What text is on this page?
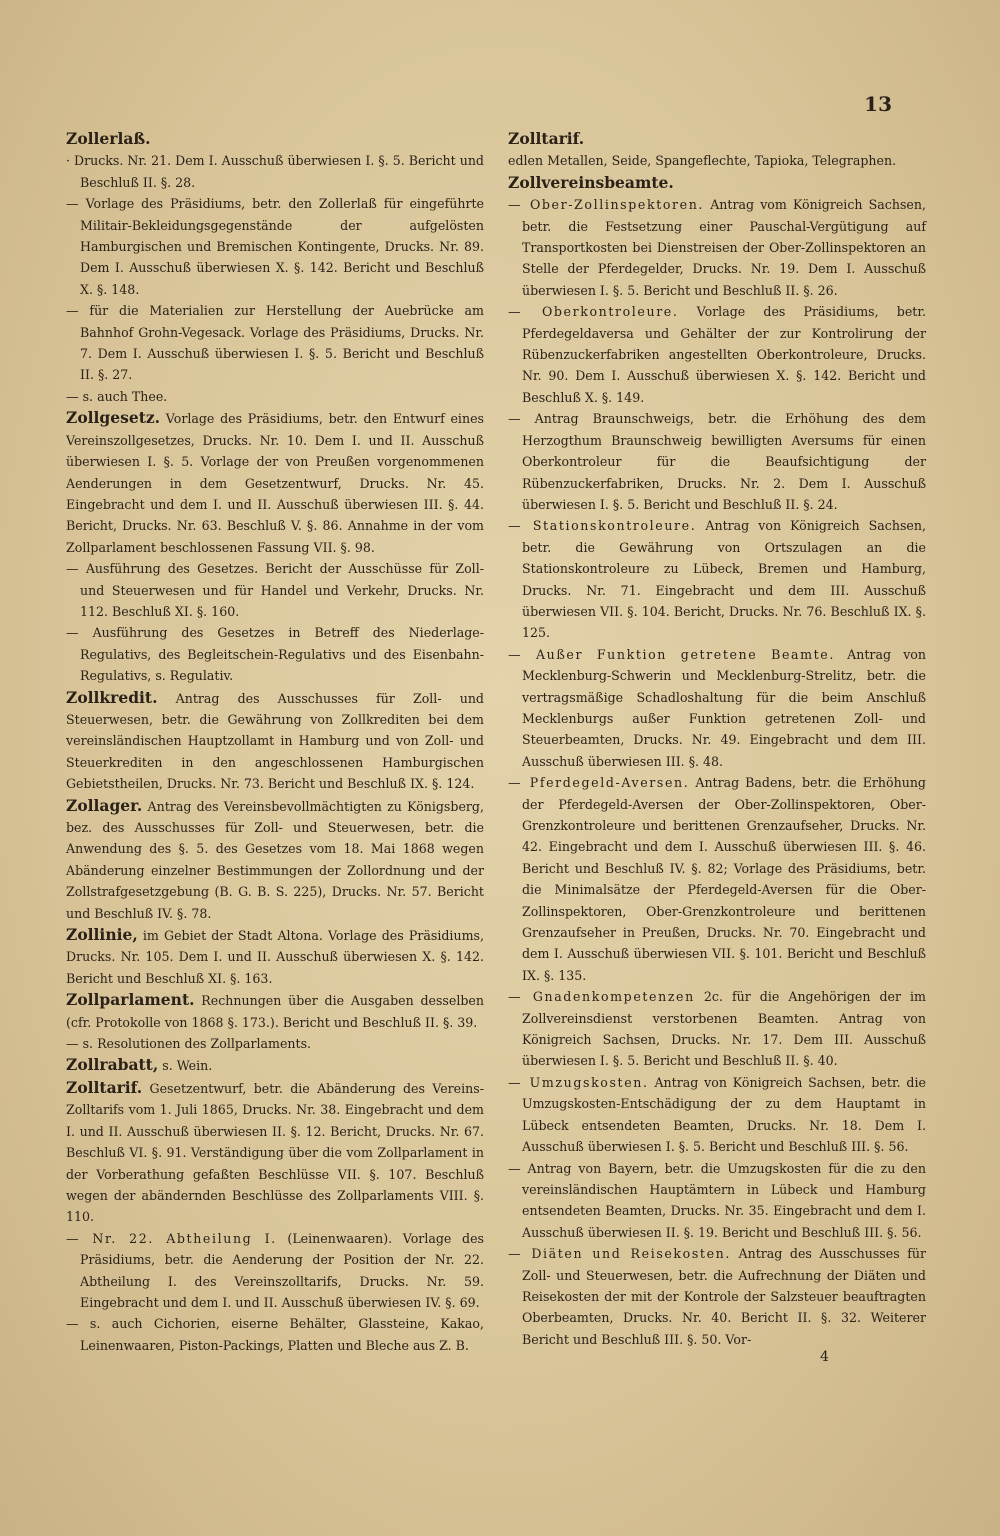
13

Zollerlaß.

· Drucks. Nr. 21. Dem I. Ausschuß überwiesen I. §. 5. Bericht und Beschluß II. §. 28.

— Vorlage des Präsidiums, betr. den Zollerlaß für eingeführte Militair-Bekleidungsgegenstände der aufgelösten Hamburgischen und Bremischen Kontingente, Drucks. Nr. 89. Dem I. Ausschuß überwiesen X. §. 142. Bericht und Beschluß X. §. 148.

— für die Materialien zur Herstellung der Auebrücke am Bahnhof Grohn-Vegesack. Vorlage des Präsidiums, Drucks. Nr. 7. Dem I. Ausschuß überwiesen I. §. 5. Bericht und Beschluß II. §. 27.

— s. auch Thee.

Zollgesetz. Vorlage des Präsidiums, betr. den Entwurf eines Vereinszollgesetzes, Drucks. Nr. 10. Dem I. und II. Ausschuß überwiesen I. §. 5. Vorlage der von Preußen vorgenommenen Aenderungen in dem Gesetzentwurf, Drucks. Nr. 45. Eingebracht und dem I. und II. Ausschuß überwiesen III. §. 44. Bericht, Drucks. Nr. 63. Beschluß V. §. 86. Annahme in der vom Zollparlament beschlossenen Fassung VII. §. 98.

— Ausführung des Gesetzes. Bericht der Ausschüsse für Zoll- und Steuerwesen und für Handel und Verkehr, Drucks. Nr. 112. Beschluß XI. §. 160.

— Ausführung des Gesetzes in Betreff des Niederlage-Regulativs, des Begleitschein-Regulativs und des Eisenbahn-Regulativs, s. Regulativ.

Zollkredit. Antrag des Ausschusses für Zoll- und Steuerwesen, betr. die Gewährung von Zollkrediten bei dem vereinsländischen Hauptzollamt in Hamburg und von Zoll- und Steuerkrediten in den angeschlossenen Hamburgischen Gebietstheilen, Drucks. Nr. 73. Bericht und Beschluß IX. §. 124.

Zollager. Antrag des Vereinsbevollmächtigten zu Königsberg, bez. des Ausschusses für Zoll- und Steuerwesen, betr. die Anwendung des §. 5. des Gesetzes vom 18. Mai 1868 wegen Abänderung einzelner Bestimmungen der Zollordnung und der Zollstrafgesetzgebung (B. G. B. S. 225), Drucks. Nr. 57. Bericht und Beschluß IV. §. 78.

Zollinie, im Gebiet der Stadt Altona. Vorlage des Präsidiums, Drucks. Nr. 105. Dem I. und II. Ausschuß überwiesen X. §. 142. Bericht und Beschluß XI. §. 163.

Zollparlament. Rechnungen über die Ausgaben desselben (cfr. Protokolle von 1868 §. 173.). Bericht und Beschluß II. §. 39.

— s. Resolutionen des Zollparlaments.

Zollrabatt, s. Wein.

Zolltarif. Gesetzentwurf, betr. die Abänderung des Vereins-Zolltarifs vom 1. Juli 1865, Drucks. Nr. 38. Eingebracht und dem I. und II. Ausschuß überwiesen II. §. 12. Bericht, Drucks. Nr. 67. Beschluß VI. §. 91. Verständigung über die vom Zollparlament in der Vorberathung gefaßten Beschlüsse VII. §. 107. Beschluß wegen der abändernden Beschlüsse des Zollparlaments VIII. §. 110.

— Nr. 22. Abtheilung I. (Leinenwaaren). Vorlage des Präsidiums, betr. die Aenderung der Position der Nr. 22. Abtheilung I. des Vereinszolltarifs, Drucks. Nr. 59. Eingebracht und dem I. und II. Ausschuß überwiesen IV. §. 69.

— s. auch Cichorien, eiserne Behälter, Glassteine, Kakao, Leinenwaaren, Piston-Packings, Platten und Bleche aus Z. B.

Zolltarif.

edlen Metallen, Seide, Spangeflechte, Tapioka, Telegraphen.

Zollvereinsbeamte.

— Ober-Zollinspektoren. Antrag vom Königreich Sachsen, betr. die Festsetzung einer Pauschal-Vergütigung auf Transportkosten bei Dienstreisen der Ober-Zollinspektoren an Stelle der Pferdegelder, Drucks. Nr. 19. Dem I. Ausschuß überwiesen I. §. 5. Bericht und Beschluß II. §. 26.

— Oberkontroleure. Vorlage des Präsidiums, betr. Pferdegeldaversa und Gehälter der zur Kontrolirung der Rübenzuckerfabriken angestellten Oberkontroleure, Drucks. Nr. 90. Dem I. Ausschuß überwiesen X. §. 142. Bericht und Beschluß X. §. 149.

— Antrag Braunschweigs, betr. die Erhöhung des dem Herzogthum Braunschweig bewilligten Aversums für einen Oberkontroleur für die Beaufsichtigung der Rübenzuckerfabriken, Drucks. Nr. 2. Dem I. Ausschuß überwiesen I. §. 5. Bericht und Beschluß II. §. 24.

— Stationskontroleure. Antrag von Königreich Sachsen, betr. die Gewährung von Ortszulagen an die Stationskontroleure zu Lübeck, Bremen und Hamburg, Drucks. Nr. 71. Eingebracht und dem III. Ausschuß überwiesen VII. §. 104. Bericht, Drucks. Nr. 76. Beschluß IX. §. 125.

— Außer Funktion getretene Beamte. Antrag von Mecklenburg-Schwerin und Mecklenburg-Strelitz, betr. die vertragsmäßige Schadloshaltung für die beim Anschluß Mecklenburgs außer Funktion getretenen Zoll- und Steuerbeamten, Drucks. Nr. 49. Eingebracht und dem III. Ausschuß überwiesen III. §. 48.

— Pferdegeld-Aversen. Antrag Badens, betr. die Erhöhung der Pferdegeld-Aversen der Ober-Zollinspektoren, Ober-Grenzkontroleure und berittenen Grenzaufseher, Drucks. Nr. 42. Eingebracht und dem I. Ausschuß überwiesen III. §. 46. Bericht und Beschluß IV. §. 82; Vorlage des Präsidiums, betr. die Minimalsätze der Pferdegeld-Aversen für die Ober-Zollinspektoren, Ober-Grenzkontroleure und berittenen Grenzaufseher in Preußen, Drucks. Nr. 70. Eingebracht und dem I. Ausschuß überwiesen VII. §. 101. Bericht und Beschluß IX. §. 135.

— Gnadenkompetenzen 2c. für die Angehörigen der im Zollvereinsdienst verstorbenen Beamten. Antrag von Königreich Sachsen, Drucks. Nr. 17. Dem III. Ausschuß überwiesen I. §. 5. Bericht und Beschluß II. §. 40.

— Umzugskosten. Antrag von Königreich Sachsen, betr. die Umzugskosten-Entschädigung der zu dem Hauptamt in Lübeck entsendeten Beamten, Drucks. Nr. 18. Dem I. Ausschuß überwiesen I. §. 5. Bericht und Beschluß III. §. 56.

— Antrag von Bayern, betr. die Umzugskosten für die zu den vereinsländischen Hauptämtern in Lübeck und Hamburg entsendeten Beamten, Drucks. Nr. 35. Eingebracht und dem I. Ausschuß überwiesen II. §. 19. Bericht und Beschluß III. §. 56.

— Diäten und Reisekosten. Antrag des Ausschusses für Zoll- und Steuerwesen, betr. die Aufrechnung der Diäten und Reisekosten der mit der Kontrole der Salzsteuer beauftragten Oberbeamten, Drucks. Nr. 40. Bericht II. §. 32. Weiterer Bericht und Beschluß III. §. 50. Vor-

4
